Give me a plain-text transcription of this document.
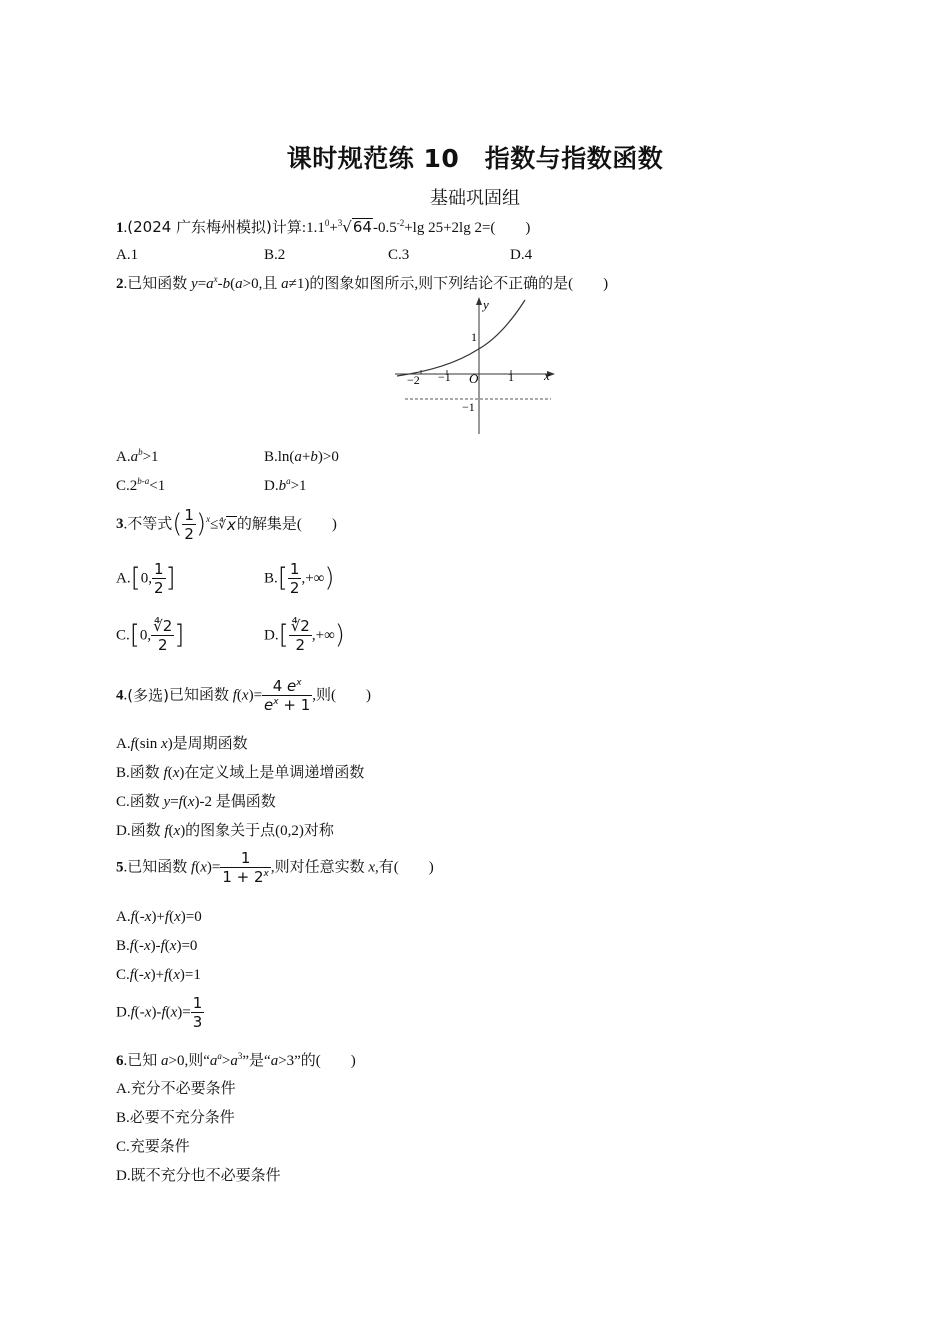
课时规范练 10　指数与指数函数
基础巩固组
1.(2024 广东梅州模拟)计算$:1.1^0+^3√64-0.5^{-2}+\lg$ 25+2lg 2=(　　)
A.1	B.2	C.3	D.4
2.已知函数 $y=a^x-b(a>0$,且 a≠1)的图象如图所示,则下列结论不正确的是(　　)
y
x
O
−2 −1	1
1
−1
$A.a^b>1$	B.ln(a+b)>0
$C.2^{b-a}<1$	$D.b^a>1$
3.不等式( $\frac{1}{2}$ )$^x$≤∜x的解集是(　　)
A.[0, $\frac{1}{2}$ ]	$B.[ \frac{1}{2}$ ,+∞)
C.[0, $\frac{∜2}{2}$ ]	$D.[ \frac{∜2}{2}$ ,+∞)
4.(多选)已知函数 $f(x)= \frac{4 e^x}{e^x + 1}$ ,则(　　)
A.f(sin x)是周期函数
B.函数 f(x)在定义域上是单调递增函数
C.函数 y=f(x)-2 是偶函数
D.函数 f(x)的图象关于点(0,2)对称
5.已知函数 $f(x)= \frac{1}{1 + 2^x}$ ,则对任意实数 x,有(　　)
A.f(-x)+f(x)=0
B.f(-x)-f(x)=0
C.f(-x)+f(x)=1
$D.f(-x)-f(x)= \frac{1}{3}$
6.已知 a>0,则“$a^a>a^3$”是“a>3”的(　　)
A.充分不必要条件
B.必要不充分条件
C.充要条件
D.既不充分也不必要条件
